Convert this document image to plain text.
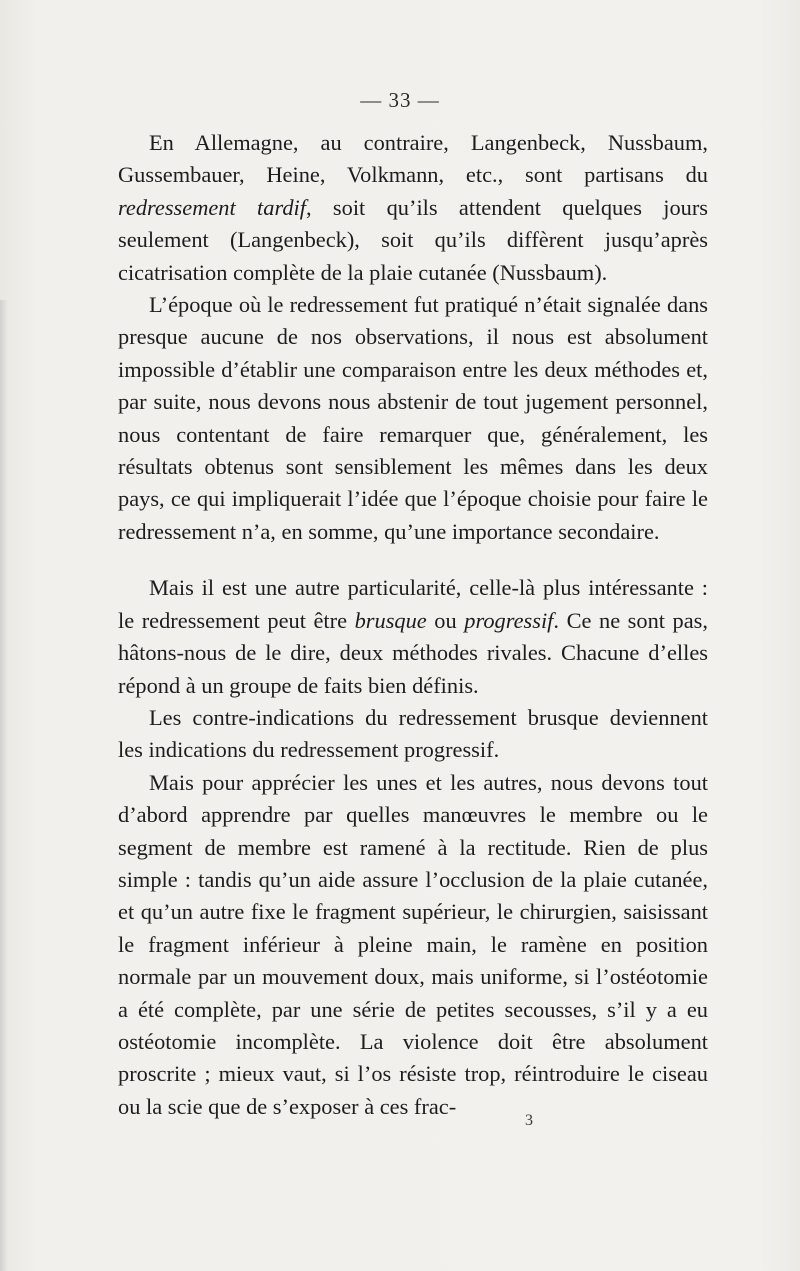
— 33 —

En Allemagne, au contraire, Langenbeck, Nussbaum, Gussembauer, Heine, Volkmann, etc., sont partisans du redressement tardif, soit qu’ils attendent quelques jours seulement (Langenbeck), soit qu’ils diffèrent jusqu’après cicatrisation complète de la plaie cutanée (Nussbaum).

L’époque où le redressement fut pratiqué n’était signalée dans presque aucune de nos observations, il nous est absolument impossible d’établir une comparaison entre les deux méthodes et, par suite, nous devons nous abstenir de tout jugement personnel, nous contentant de faire remarquer que, généralement, les résultats obtenus sont sensiblement les mêmes dans les deux pays, ce qui impliquerait l’idée que l’époque choisie pour faire le redressement n’a, en somme, qu’une importance secondaire.

Mais il est une autre particularité, celle-là plus intéressante : le redressement peut être brusque ou progressif. Ce ne sont pas, hâtons-nous de le dire, deux méthodes rivales. Chacune d’elles répond à un groupe de faits bien définis.

Les contre-indications du redressement brusque deviennent les indications du redressement progressif.

Mais pour apprécier les unes et les autres, nous devons tout d’abord apprendre par quelles manœuvres le membre ou le segment de membre est ramené à la rectitude. Rien de plus simple : tandis qu’un aide assure l’occlusion de la plaie cutanée, et qu’un autre fixe le fragment supérieur, le chirurgien, saisissant le fragment inférieur à pleine main, le ramène en position normale par un mouvement doux, mais uniforme, si l’ostéotomie a été complète, par une série de petites secousses, s’il y a eu ostéotomie incomplète. La violence doit être absolument proscrite ; mieux vaut, si l’os résiste trop, réintroduire le ciseau ou la scie que de s’exposer à ces frac-

3
